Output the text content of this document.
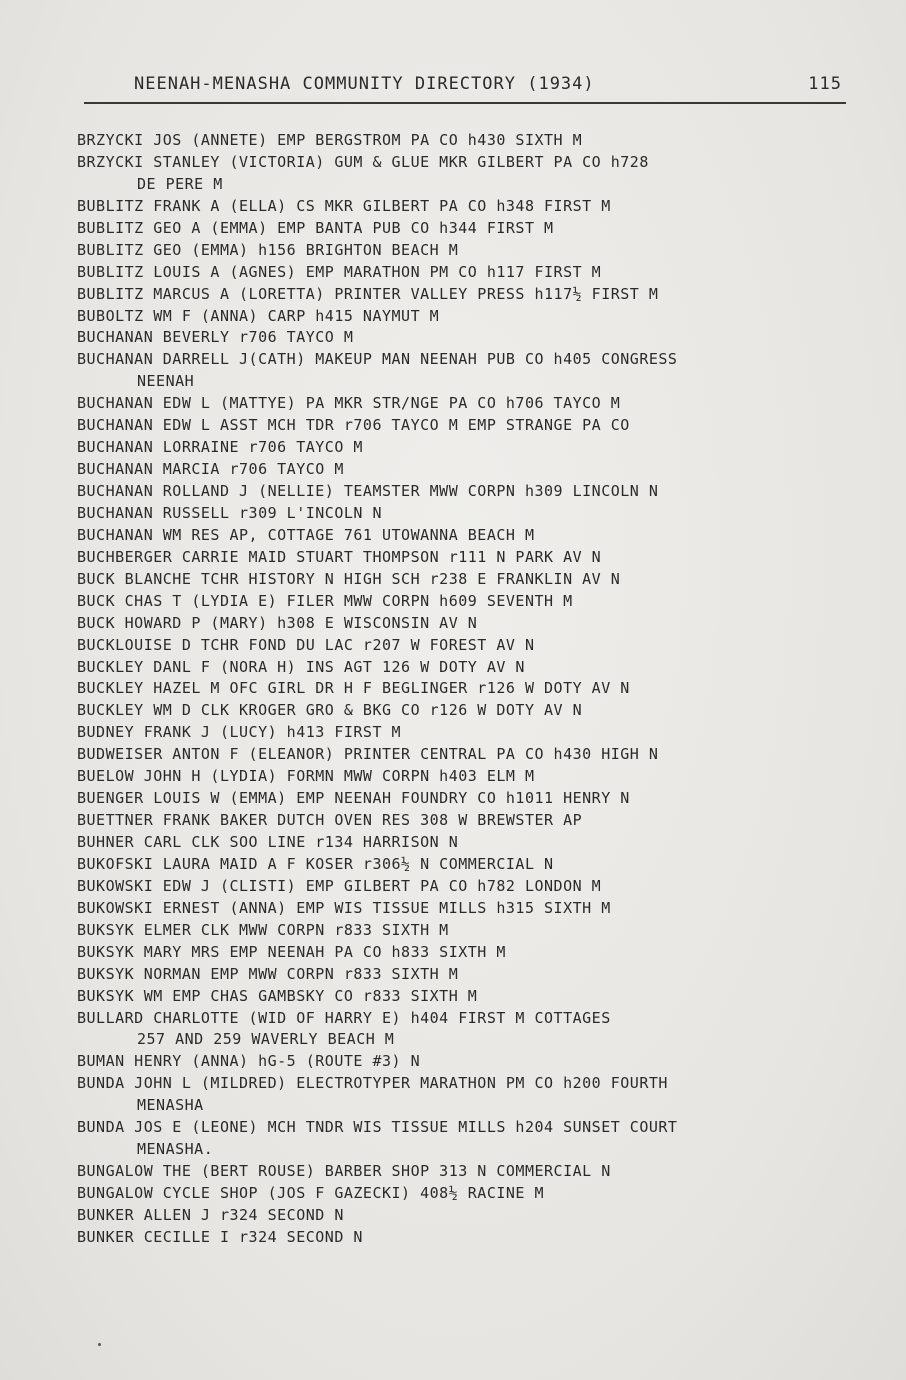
NEENAH-MENASHA COMMUNITY DIRECTORY (1934)	115
BRZYCKI JOS (ANNETE) EMP BERGSTROM PA CO h430 SIXTH M
BRZYCKI STANLEY (VICTORIA) GUM & GLUE MKR GILBERT PA CO h728
DE PERE M
BUBLITZ FRANK A (ELLA) CS MKR GILBERT PA CO h348 FIRST M
BUBLITZ GEO A (EMMA) EMP BANTA PUB CO h344 FIRST M
BUBLITZ GEO (EMMA) h156 BRIGHTON BEACH M
BUBLITZ LOUIS A (AGNES) EMP MARATHON PM CO h117 FIRST M
BUBLITZ MARCUS A (LORETTA) PRINTER VALLEY PRESS h117½ FIRST M
BUBOLTZ WM F (ANNA) CARP h415 NAYMUT M
BUCHANAN BEVERLY r706 TAYCO M
BUCHANAN DARRELL J(CATH) MAKEUP MAN NEENAH PUB CO h405 CONGRESS
NEENAH
BUCHANAN EDW L (MATTYE) PA MKR STR/NGE PA CO h706 TAYCO M
BUCHANAN EDW L ASST MCH TDR r706 TAYCO M EMP STRANGE PA CO
BUCHANAN LORRAINE r706 TAYCO M
BUCHANAN MARCIA r706 TAYCO M
BUCHANAN ROLLAND J (NELLIE) TEAMSTER MWW CORPN h309 LINCOLN N
BUCHANAN RUSSELL r309 L'INCOLN N
BUCHANAN WM RES AP, COTTAGE 761 UTOWANNA BEACH M
BUCHBERGER CARRIE MAID STUART THOMPSON r111 N PARK AV N
BUCK BLANCHE TCHR HISTORY N HIGH SCH r238 E FRANKLIN AV N
BUCK CHAS T (LYDIA E) FILER MWW CORPN h609 SEVENTH M
BUCK HOWARD P (MARY) h308 E WISCONSIN AV N
BUCKLOUISE D TCHR FOND DU LAC r207 W FOREST AV N
BUCKLEY DANL F (NORA H) INS AGT 126 W DOTY AV N
BUCKLEY HAZEL M OFC GIRL DR H F BEGLINGER r126 W DOTY AV N
BUCKLEY WM D CLK KROGER GRO & BKG CO r126 W DOTY AV N
BUDNEY FRANK J (LUCY) h413 FIRST M
BUDWEISER ANTON F (ELEANOR) PRINTER CENTRAL PA CO h430 HIGH N
BUELOW JOHN H (LYDIA) FORMN MWW CORPN h403 ELM M
BUENGER LOUIS W (EMMA) EMP NEENAH FOUNDRY CO h1011 HENRY N
BUETTNER FRANK BAKER DUTCH OVEN RES 308 W BREWSTER AP
BUHNER CARL CLK SOO LINE r134 HARRISON N
BUKOFSKI LAURA MAID A F KOSER r306½ N COMMERCIAL N
BUKOWSKI EDW J (CLISTI) EMP GILBERT PA CO h782 LONDON M
BUKOWSKI ERNEST (ANNA) EMP WIS TISSUE MILLS h315 SIXTH M
BUKSYK ELMER CLK MWW CORPN r833 SIXTH M
BUKSYK MARY MRS EMP NEENAH PA CO h833 SIXTH M
BUKSYK NORMAN EMP MWW CORPN r833 SIXTH M
BUKSYK WM EMP CHAS GAMBSKY CO r833 SIXTH M
BULLARD CHARLOTTE (WID OF HARRY E) h404 FIRST M COTTAGES
257 AND 259 WAVERLY BEACH M
BUMAN HENRY (ANNA) hG-5 (ROUTE #3) N
BUNDA JOHN L (MILDRED) ELECTROTYPER MARATHON PM CO h200 FOURTH
MENASHA
BUNDA JOS E (LEONE) MCH TNDR WIS TISSUE MILLS h204 SUNSET COURT
MENASHA.
BUNGALOW THE (BERT ROUSE) BARBER SHOP 313 N COMMERCIAL N
BUNGALOW CYCLE SHOP (JOS F GAZECKI) 408½ RACINE M
BUNKER ALLEN J r324 SECOND N
BUNKER CECILLE I r324 SECOND N
